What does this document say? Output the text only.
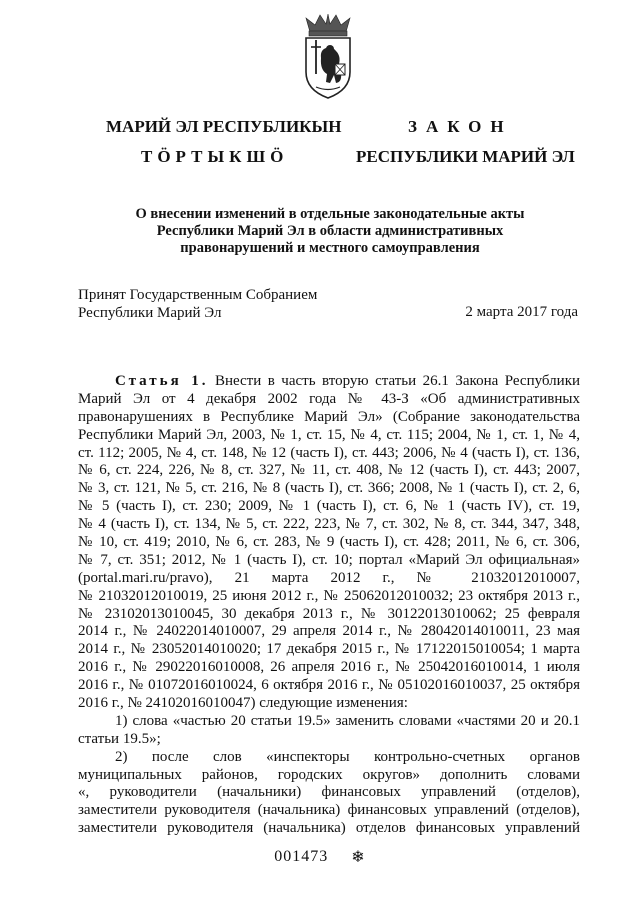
МАРИЙ ЭЛ РЕСПУБЛИКЫН
ТӦРТЫКШӦ
ЗАКОН
РЕСПУБЛИКИ МАРИЙ ЭЛ
О внесении изменений в отдельные законодательные акты
Республики Марий Эл в области административных
правонарушений и местного самоуправления
Принят Государственным Собранием
Республики Марий Эл	2 марта 2017 года
Статья 1. Внести в часть вторую статьи 26.1 Закона Республики
Марий Эл от 4 декабря 2002 года № 43-З «Об административных
правонарушениях в Республике Марий Эл» (Собрание законодательства
Республики Марий Эл, 2003, № 1, ст. 15, № 4, ст. 115; 2004, № 1, ст. 1, № 4,
ст. 112; 2005, № 4, ст. 148, № 12 (часть I), ст. 443; 2006, № 4 (часть I), ст. 136,
№ 6, ст. 224, 226, № 8, ст. 327, № 11, ст. 408, № 12 (часть I), ст. 443; 2007,
№ 3, ст. 121, № 5, ст. 216, № 8 (часть I), ст. 366; 2008, № 1 (часть I), ст. 2, 6,
№ 5 (часть I), ст. 230; 2009, № 1 (часть I), ст. 6, № 1 (часть IV), ст. 19,
№ 4 (часть I), ст. 134, № 5, ст. 222, 223, № 7, ст. 302, № 8, ст. 344, 347, 348,
№ 10, ст. 419; 2010, № 6, ст. 283, № 9 (часть I), ст. 428; 2011, № 6, ст. 306,
№ 7, ст. 351; 2012, № 1 (часть I), ст. 10; портал «Марий Эл официальная»
(portal.mari.ru/pravo), 21 марта 2012 г., № 21032012010007,
№ 21032012010019, 25 июня 2012 г., № 25062012010032; 23 октября 2013 г.,
№ 23102013010045, 30 декабря 2013 г., № 30122013010062; 25 февраля
2014 г., № 24022014010007, 29 апреля 2014 г., № 28042014010011, 23 мая
2014 г., № 23052014010020; 17 декабря 2015 г., № 17122015010054; 1 марта
2016 г., № 29022016010008, 26 апреля 2016 г., № 25042016010014, 1 июля
2016 г., № 01072016010024, 6 октября 2016 г., № 05102016010037, 25 октября
2016 г., № 24102016010047) следующие изменения:
1) слова «частью 20 статьи 19.5» заменить словами «частями 20 и 20.1
статьи 19.5»;
2) после слов «инспекторы контрольно-счетных органов
муниципальных районов, городских округов» дополнить словами
«, руководители (начальники) финансовых управлений (отделов),
заместители руководителя (начальника) финансовых управлений (отделов),
заместители руководителя (начальника) отделов финансовых управлений
001473 ❄
